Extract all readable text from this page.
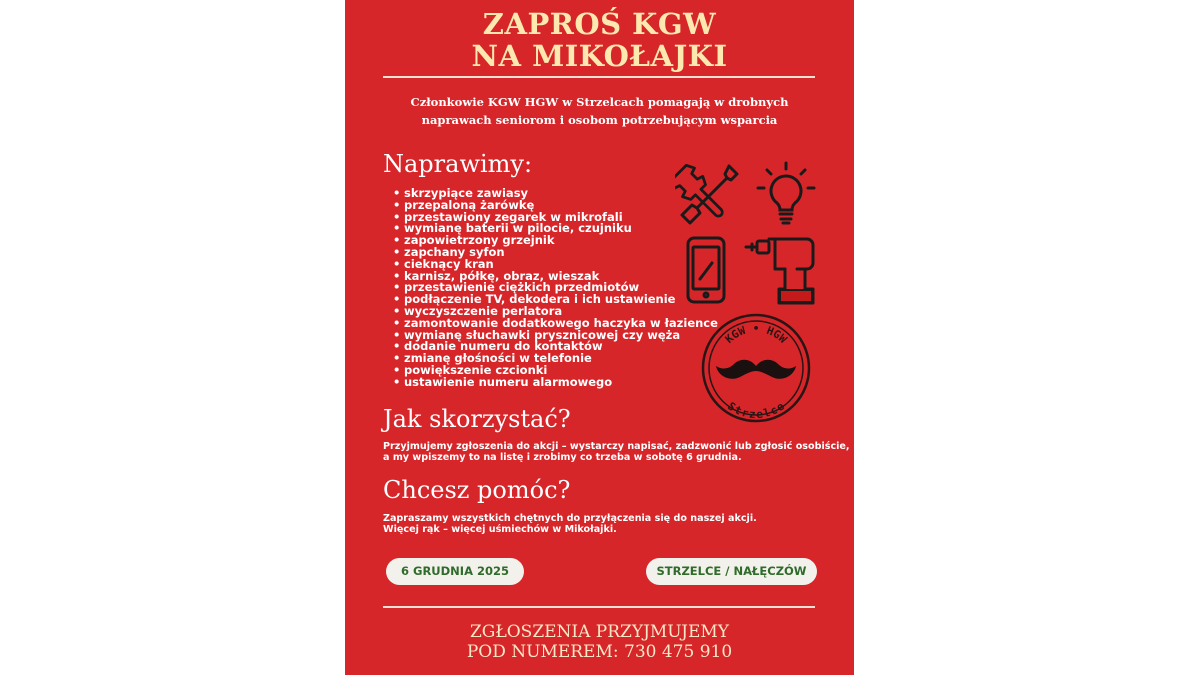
ZAPROŚ KGW
NA MIKOŁAJKI
Członkowie KGW HGW w Strzelcach pomagają w drobnych
naprawach seniorom i osobom potrzebującym wsparcia
Naprawimy:
• skrzypiące zawiasy
• przepaloną żarówkę
• przestawiony zegarek w mikrofali
• wymianę baterii w pilocie, czujniku
• zapowietrzony grzejnik
• zapchany syfon
• cieknący kran
• karnisz, półkę, obraz, wieszak
• przestawienie ciężkich przedmiotów
• podłączenie TV, dekodera i ich ustawienie
• wyczyszczenie perlatora
• zamontowanie dodatkowego haczyka w łazience
• wymianę słuchawki prysznicowej czy węża
• dodanie numeru do kontaktów
• zmianę głośności w telefonie
• powiększenie czcionki
• ustawienie numeru alarmowego
KGW • HGW
Strzelce
Jak skorzystać?
Przyjmujemy zgłoszenia do akcji – wystarczy napisać, zadzwonić lub zgłosić osobiście,
a my wpiszemy to na listę i zrobimy co trzeba w sobotę 6 grudnia.
Chcesz pomóc?
Zapraszamy wszystkich chętnych do przyłączenia się do naszej akcji.
Więcej rąk – więcej uśmiechów w Mikołajki.
6 GRUDNIA 2025	STRZELCE / NAŁĘCZÓW
ZGŁOSZENIA PRZYJMUJEMY
POD NUMEREM: 730 475 910
